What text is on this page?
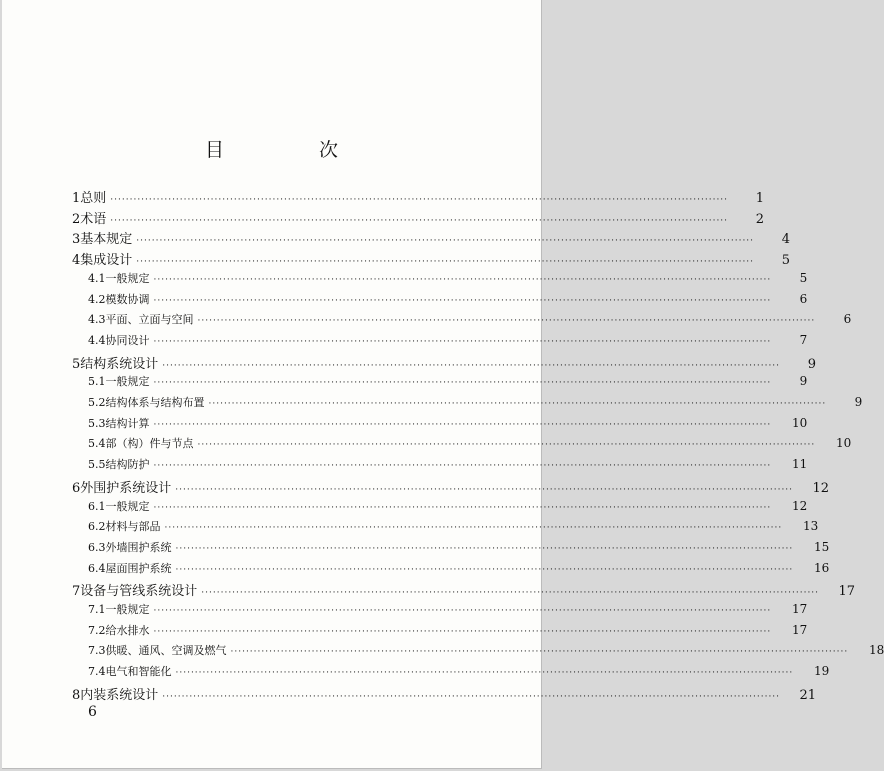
目　次
1 总则 ································································································································································	1
2 术语 ································································································································································	2
3 基本规定 ································································································································································	4
4 集成设计 ································································································································································	5
4.1 一般规定 ································································································································································	5
4.2 模数协调 ································································································································································	6
4.3 平面、立面与空间 ································································································································································	6
4.4 协同设计 ································································································································································	7
5 结构系统设计 ································································································································································	9
5.1 一般规定 ································································································································································	9
5.2 结构体系与结构布置 ································································································································································	9
5.3 结构计算 ································································································································································	10
5.4 部（构）件与节点 ································································································································································	10
5.5 结构防护 ································································································································································	11
6 外围护系统设计 ································································································································································	12
6.1 一般规定 ································································································································································	12
6.2 材料与部品 ································································································································································	13
6.3 外墙围护系统 ································································································································································	15
6.4 屋面围护系统 ································································································································································	16
7 设备与管线系统设计 ································································································································································	17
7.1 一般规定 ································································································································································	17
7.2 给水排水 ································································································································································	17
7.3 供暖、通风、空调及燃气 ································································································································································	18
7.4 电气和智能化 ································································································································································	19
8 内装系统设计 ································································································································································	21
6
